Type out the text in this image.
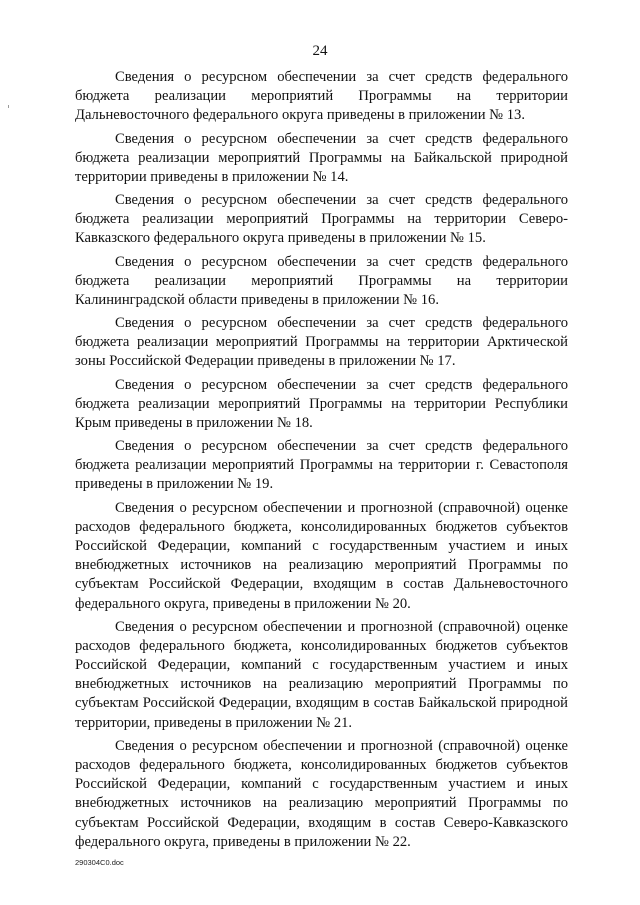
24

Сведения о ресурсном обеспечении за счет средств федерального бюджета реализации мероприятий Программы на территории Дальневосточного федерального округа приведены в приложении № 13.

Сведения о ресурсном обеспечении за счет средств федерального бюджета реализации мероприятий Программы на Байкальской природной территории приведены в приложении № 14.

Сведения о ресурсном обеспечении за счет средств федерального бюджета реализации мероприятий Программы на территории Северо-Кавказского федерального округа приведены в приложении № 15.

Сведения о ресурсном обеспечении за счет средств федерального бюджета реализации мероприятий Программы на территории Калининградской области приведены в приложении № 16.

Сведения о ресурсном обеспечении за счет средств федерального бюджета реализации мероприятий Программы на территории Арктической зоны Российской Федерации приведены в приложении № 17.

Сведения о ресурсном обеспечении за счет средств федерального бюджета реализации мероприятий Программы на территории Республики Крым приведены в приложении № 18.

Сведения о ресурсном обеспечении за счет средств федерального бюджета реализации мероприятий Программы на территории г. Севастополя приведены в приложении № 19.

Сведения о ресурсном обеспечении и прогнозной (справочной) оценке расходов федерального бюджета, консолидированных бюджетов субъектов Российской Федерации, компаний с государственным участием и иных внебюджетных источников на реализацию мероприятий Программы по субъектам Российской Федерации, входящим в состав Дальневосточного федерального округа, приведены в приложении № 20.

Сведения о ресурсном обеспечении и прогнозной (справочной) оценке расходов федерального бюджета, консолидированных бюджетов субъектов Российской Федерации, компаний с государственным участием и иных внебюджетных источников на реализацию мероприятий Программы по субъектам Российской Федерации, входящим в состав Байкальской природной территории, приведены в приложении № 21.

Сведения о ресурсном обеспечении и прогнозной (справочной) оценке расходов федерального бюджета, консолидированных бюджетов субъектов Российской Федерации, компаний с государственным участием и иных внебюджетных источников на реализацию мероприятий Программы по субъектам Российской Федерации, входящим в состав Северо-Кавказского федерального округа, приведены в приложении № 22.

290304C0.doc
